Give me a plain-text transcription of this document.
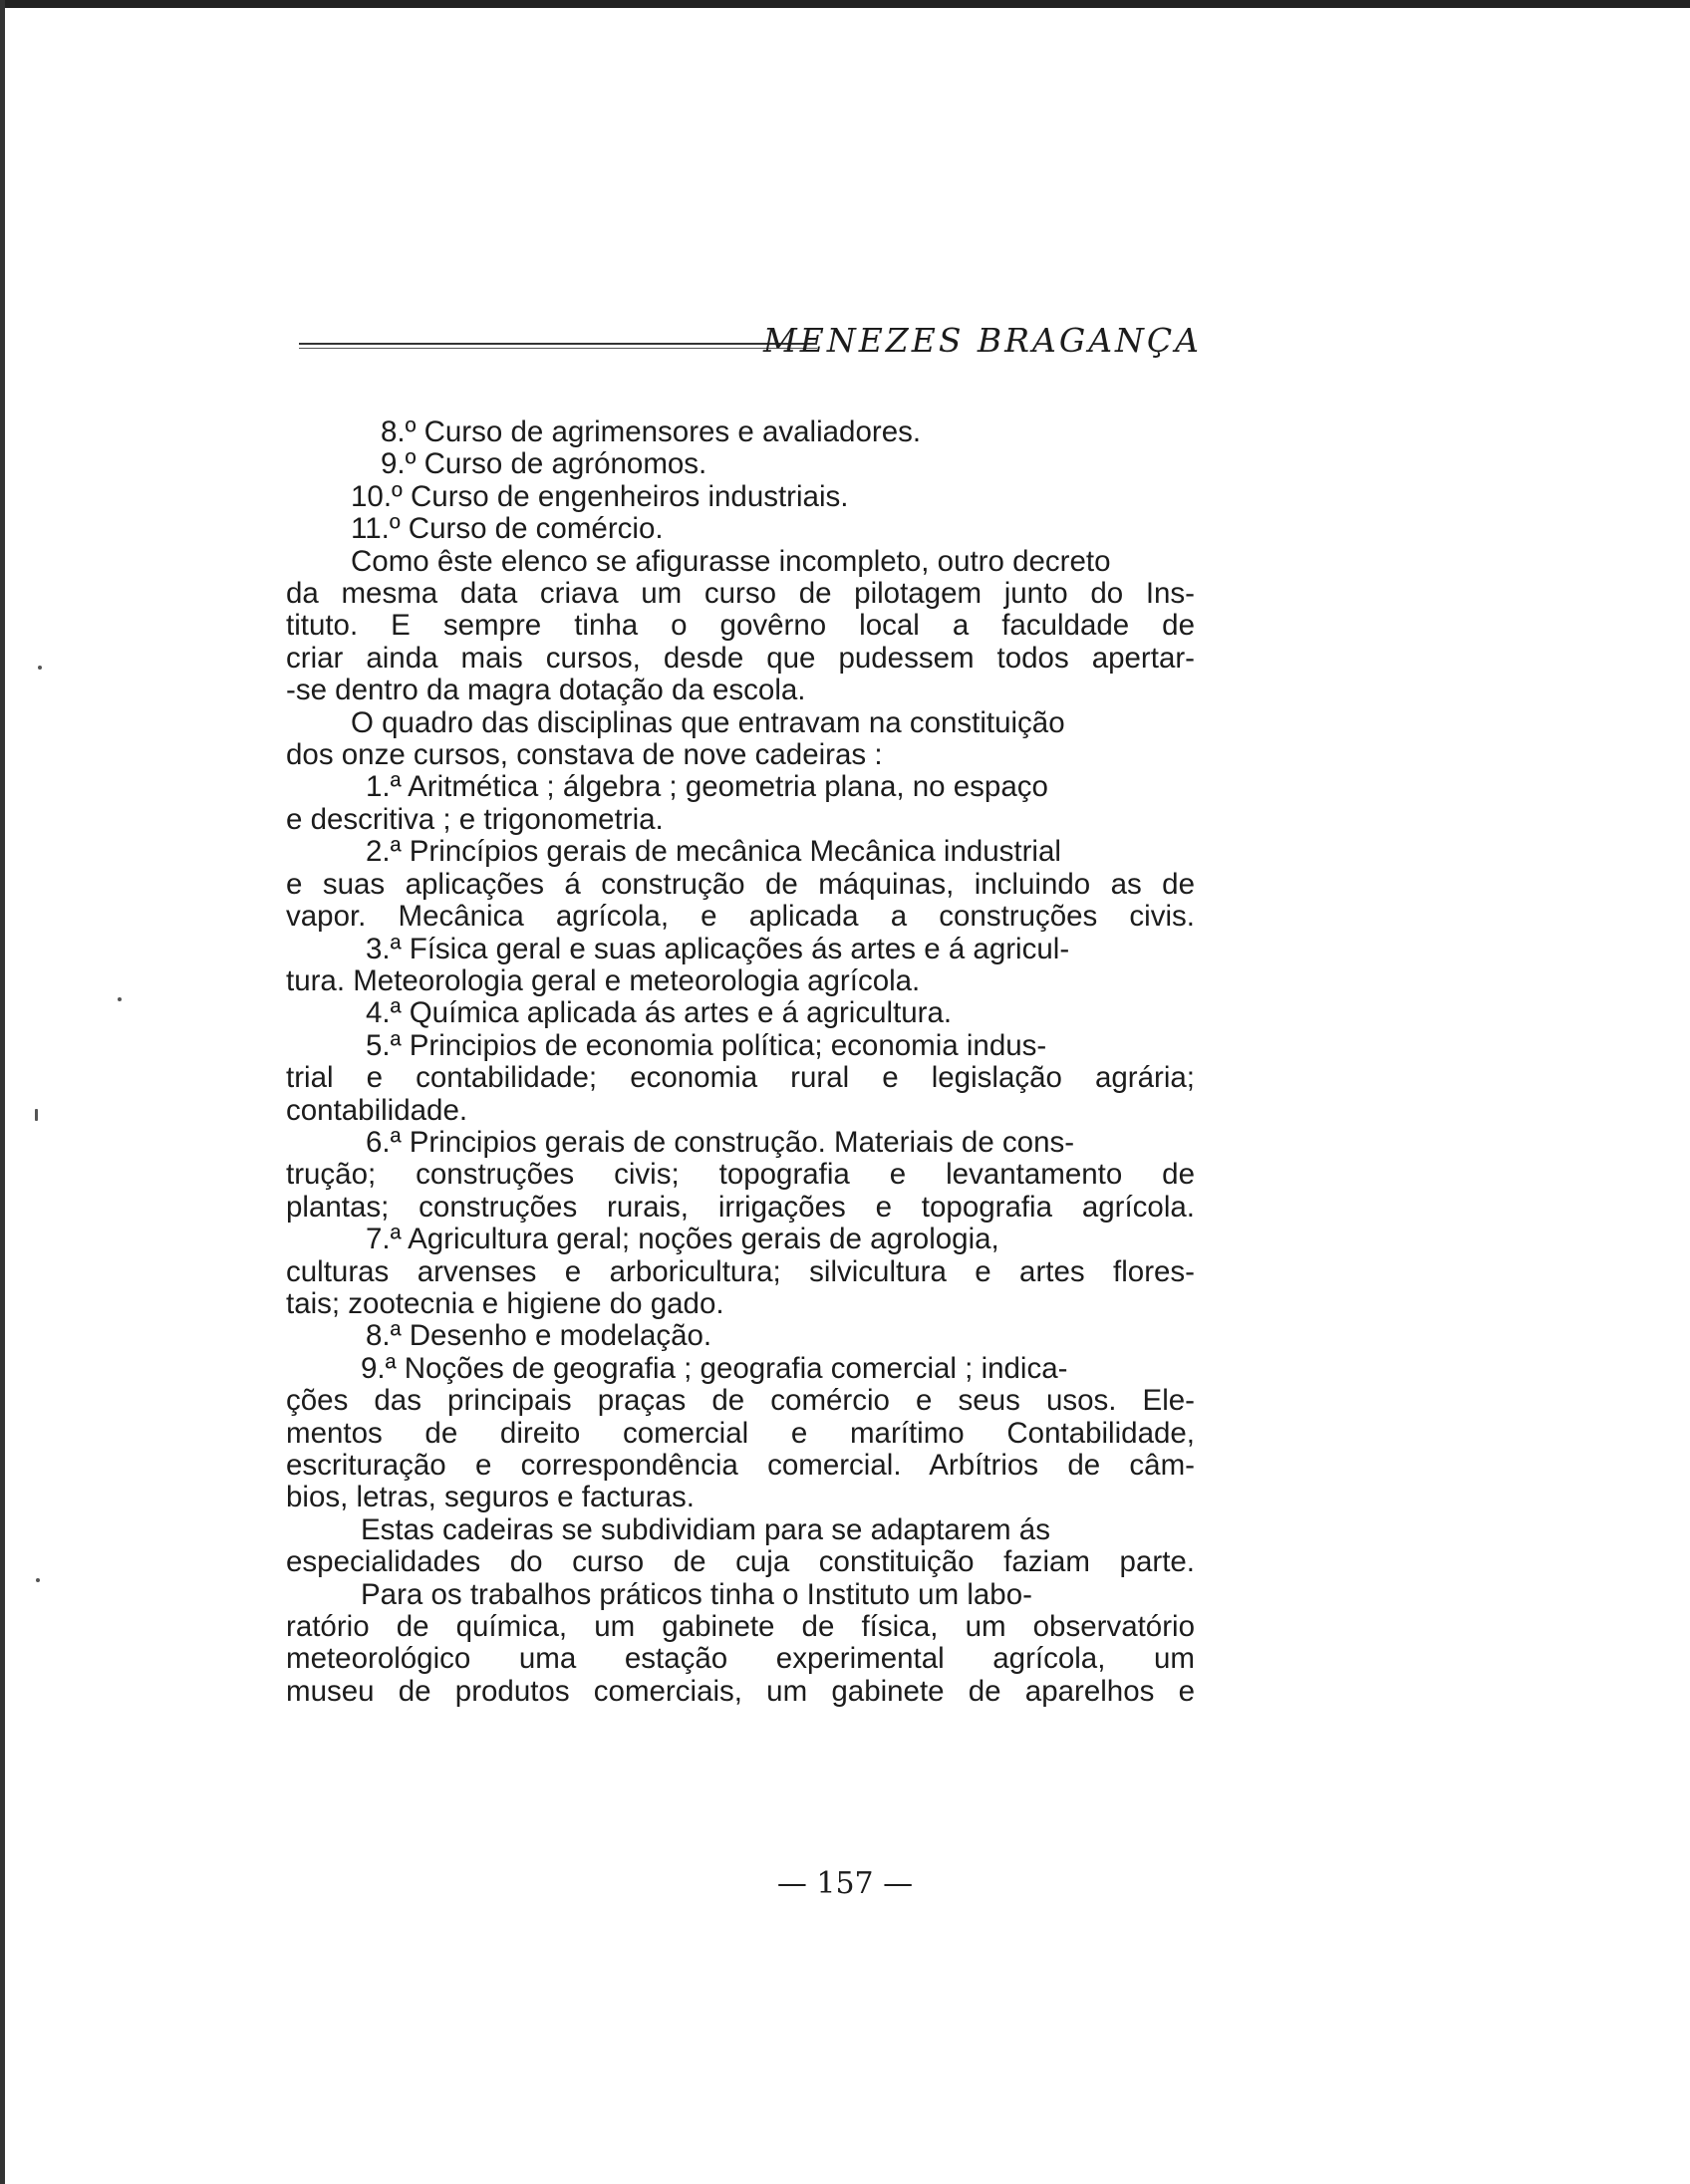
MENEZES BRAGANÇA
8.º Curso de agrimensores e avaliadores.
9.º Curso de agrónomos.
10.º Curso de engenheiros industriais.
11.º Curso de comércio.
Como êste elenco se afigurasse incompleto, outro decreto
da mesma data criava um curso de pilotagem junto do Ins-
tituto. E sempre tinha o govêrno local a faculdade de
criar ainda mais cursos, desde que pudessem todos apertar-
-se dentro da magra dotação da escola.
O quadro das disciplinas que entravam na constituição
dos onze cursos, constava de nove cadeiras :
1.ª Aritmética ; álgebra ; geometria plana, no espaço
e descritiva ; e trigonometria.
2.ª Princípios gerais de mecânica Mecânica industrial
e suas aplicações á construção de máquinas, incluindo as de
vapor. Mecânica agrícola, e aplicada a construções civis.
3.ª Física geral e suas aplicações ás artes e á agricul-
tura. Meteorologia geral e meteorologia agrícola.
4.ª Química aplicada ás artes e á agricultura.
5.ª Principios de economia política; economia indus-
trial e contabilidade; economia rural e legislação agrária;
contabilidade.
6.ª Principios gerais de construção. Materiais de cons-
trução; construções civis; topografia e levantamento de
plantas; construções rurais, irrigações e topografia agrícola.
7.ª Agricultura geral; noções gerais de agrologia,
culturas arvenses e arboricultura; silvicultura e artes flores-
tais; zootecnia e higiene do gado.
8.ª Desenho e modelação.
9.ª Noções de geografia ; geografia comercial ; indica-
ções das principais praças de comércio e seus usos. Ele-
mentos de direito comercial e marítimo Contabilidade,
escrituração e correspondência comercial. Arbítrios de câm-
bios, letras, seguros e facturas.
Estas cadeiras se subdividiam para se adaptarem ás
especialidades do curso de cuja constituição faziam parte.
Para os trabalhos práticos tinha o Instituto um labo-
ratório de química, um gabinete de física, um observatório
meteorológico uma estação experimental agrícola, um
museu de produtos comerciais, um gabinete de aparelhos e
— 157 —
